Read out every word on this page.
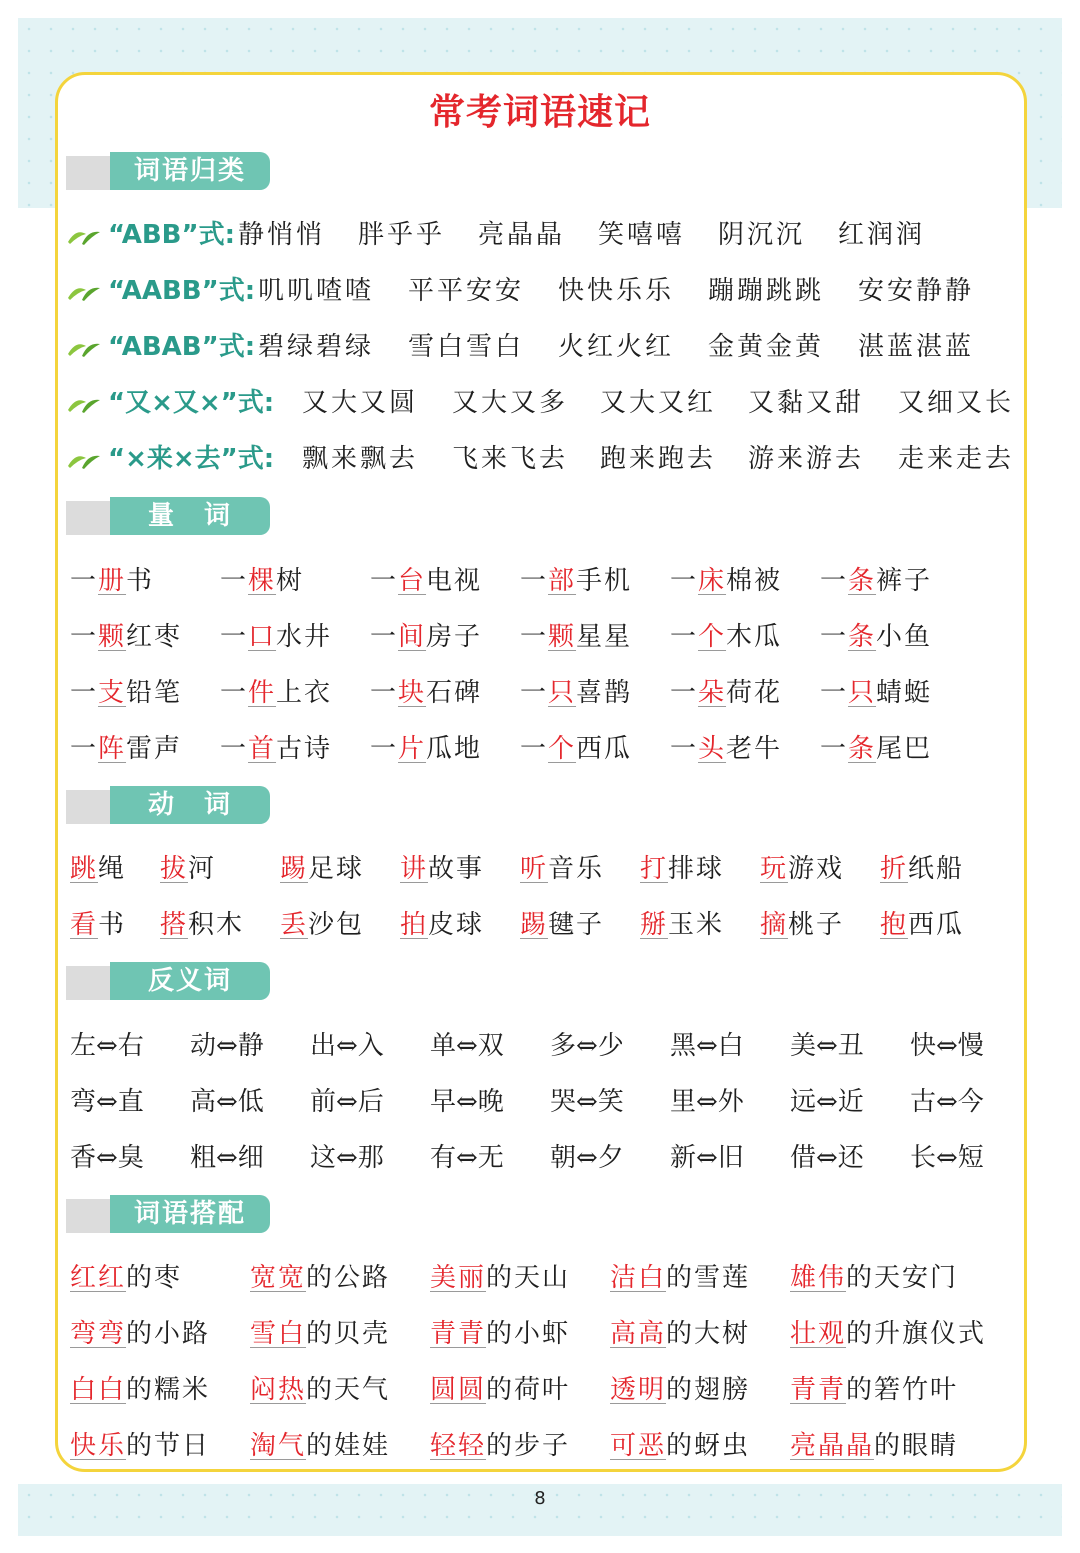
常考词语速记
词语归类
量　词
动　词
反义词
词语搭配
“ABB”式: 静悄悄 胖乎乎 亮晶晶 笑嘻嘻 阴沉沉 红润润
“AABB”式: 叽叽喳喳 平平安安 快快乐乐 蹦蹦跳跳 安安静静
“ABAB”式: 碧绿碧绿 雪白雪白 火红火红 金黄金黄 湛蓝湛蓝
“又×又×”式: 又大又圆 又大又多 又大又红 又黏又甜 又细又长
“×来×去”式: 飘来飘去 飞来飞去 跑来跑去 游来游去 走来走去
一册书	一棵树	一台电视 一部手机 一床棉被 一条裤子
一颗红枣 一口水井 一间房子 一颗星星 一个木瓜 一条小鱼
一支铅笔 一件上衣 一块石碑 一只喜鹊 一朵荷花 一只蜻蜓
一阵雷声 一首古诗 一片瓜地 一个西瓜 一头老牛 一条尾巴
跳绳 拔河 踢足球 讲故事 听音乐 打排球 玩游戏 折纸船
看书 搭积木 丢沙包 拍皮球 踢毽子 掰玉米 摘桃子 抱西瓜
左⇔右 动⇔静 出⇔入 单⇔双 多⇔少 黑⇔白 美⇔丑 快⇔慢
弯⇔直 高⇔低 前⇔后 早⇔晚 哭⇔笑 里⇔外 远⇔近 古⇔今
香⇔臭 粗⇔细 这⇔那 有⇔无 朝⇔夕 新⇔旧 借⇔还 长⇔短
红红的枣	宽宽的公路 美丽的天山 洁白的雪莲 雄伟的天安门
弯弯的小路 雪白的贝壳 青青的小虾 高高的大树 壮观的升旗仪式
白白的糯米 闷热的天气 圆圆的荷叶 透明的翅膀 青青的箬竹叶
快乐的节日 淘气的娃娃 轻轻的步子 可恶的蚜虫 亮晶晶的眼睛
8
